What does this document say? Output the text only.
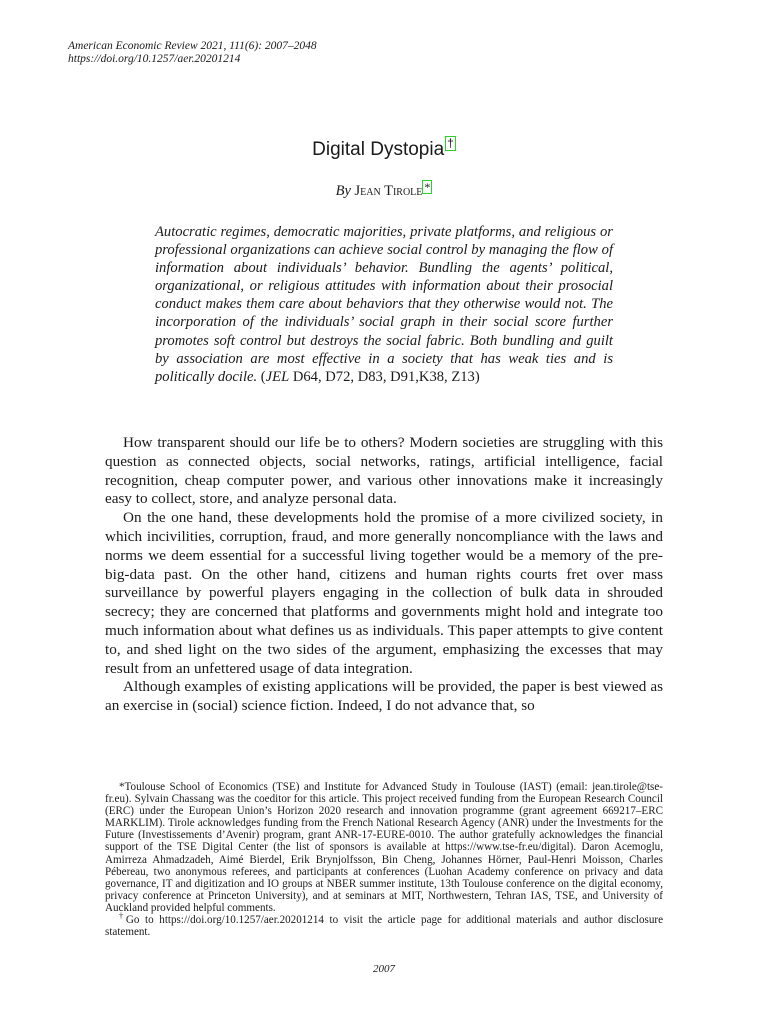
American Economic Review 2021, 111(6): 2007–2048
https://doi.org/10.1257/aer.20201214
Digital Dystopia †
By Jean Tirole *
Autocratic regimes, democratic majorities, private platforms, and religious or professional organizations can achieve social control by managing the flow of information about individuals’ behavior. Bundling the agents’ political, organizational, or religious attitudes with information about their prosocial conduct makes them care about behaviors that they otherwise would not. The incorporation of the individuals’ social graph in their social score further promotes soft control but destroys the social fabric. Both bundling and guilt by association are most effective in a society that has weak ties and is politically docile. (JEL D64, D72, D83, D91,K38, Z13)

How transparent should our life be to others? Modern societies are struggling with this question as connected objects, social networks, ratings, artificial intelligence, facial recognition, cheap computer power, and various other innovations make it increasingly easy to collect, store, and analyze personal data.

On the one hand, these developments hold the promise of a more civilized society, in which incivilities, corruption, fraud, and more generally noncompliance with the laws and norms we deem essential for a successful living together would be a memory of the pre-big-data past. On the other hand, citizens and human rights courts fret over mass surveillance by powerful players engaging in the collection of bulk data in shrouded secrecy; they are concerned that platforms and governments might hold and integrate too much information about what defines us as individuals. This paper attempts to give content to, and shed light on the two sides of the argument, emphasizing the excesses that may result from an unfettered usage of data integration.

Although examples of existing applications will be provided, the paper is best viewed as an exercise in (social) science fiction. Indeed, I do not advance that, so

*Toulouse School of Economics (TSE) and Institute for Advanced Study in Toulouse (IAST) (email: jean.tirole@tse-fr.eu). Sylvain Chassang was the coeditor for this article. This project received funding from the European Research Council (ERC) under the European Union’s Horizon 2020 research and innovation programme (grant agreement 669217–ERC MARKLIM). Tirole acknowledges funding from the French National Research Agency (ANR) under the Investments for the Future (Investissements d’Avenir) program, grant ANR-17-EURE-0010. The author gratefully acknowledges the financial support of the TSE Digital Center (the list of sponsors is available at https://www.tse-fr.eu/digital). Daron Acemoglu, Amirreza Ahmadzadeh, Aimé Bierdel, Erik Brynjolfsson, Bin Cheng, Johannes Hörner, Paul-Henri Moisson, Charles Pébereau, two anonymous referees, and participants at conferences (Luohan Academy conference on privacy and data governance, IT and digitization and IO groups at NBER summer institute, 13th Toulouse conference on the digital economy, privacy conference at Princeton University), and at seminars at MIT, Northwestern, Tehran IAS, TSE, and University of Auckland provided helpful comments.

†Go to https://doi.org/10.1257/aer.20201214 to visit the article page for additional materials and author disclosure statement.

2007
